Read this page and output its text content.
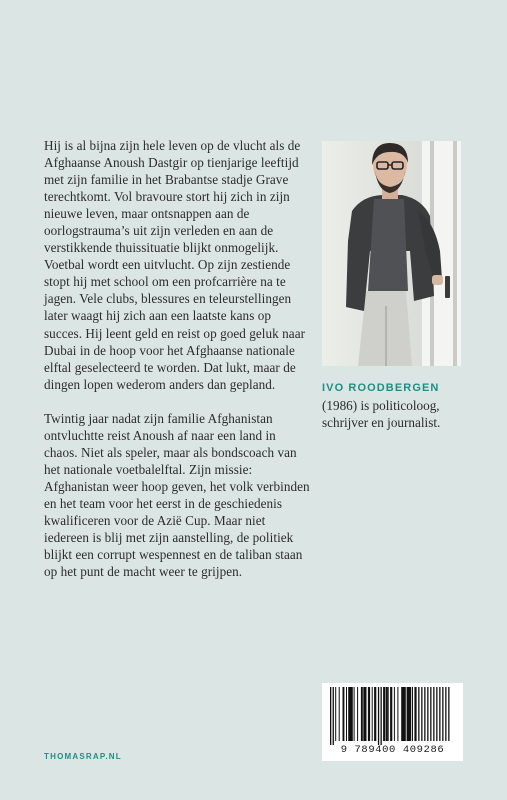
Hij is al bijna zijn hele leven op de vlucht als de Afghaanse Anoush Dastgir op tienjarige leeftijd met zijn familie in het Brabantse stadje Grave terechtkomt. Vol bravoure stort hij zich in zijn nieuwe leven, maar ontsnappen aan de oorlogstrauma’s uit zijn verleden en aan de verstikkende thuissituatie blijkt onmogelijk. Voetbal wordt een uitvlucht. Op zijn zestiende stopt hij met school om een profcarrière na te jagen. Vele clubs, blessures en teleurstellingen later waagt hij zich aan een laatste kans op succes. Hij leent geld en reist op goed geluk naar Dubai in de hoop voor het Afghaanse nationale elftal geselecteerd te worden. Dat lukt, maar de dingen lopen wederom anders dan gepland.

Twintig jaar nadat zijn familie Afghanistan ontvluchtte reist Anoush af naar een land in chaos. Niet als speler, maar als bondscoach van het nationale voetbalelftal. Zijn missie: Afghanistan weer hoop geven, het volk verbinden en het team voor het eerst in de geschiedenis kwalificeren voor de Azië Cup. Maar niet iedereen is blij met zijn aanstelling, de politiek blijkt een corrupt wespennest en de taliban staan op het punt de macht weer te grijpen.

IVO ROODBERGEN (1986) is politicoloog, schrijver en journalist.
9 789400 409286
THOMASRAP.NL
